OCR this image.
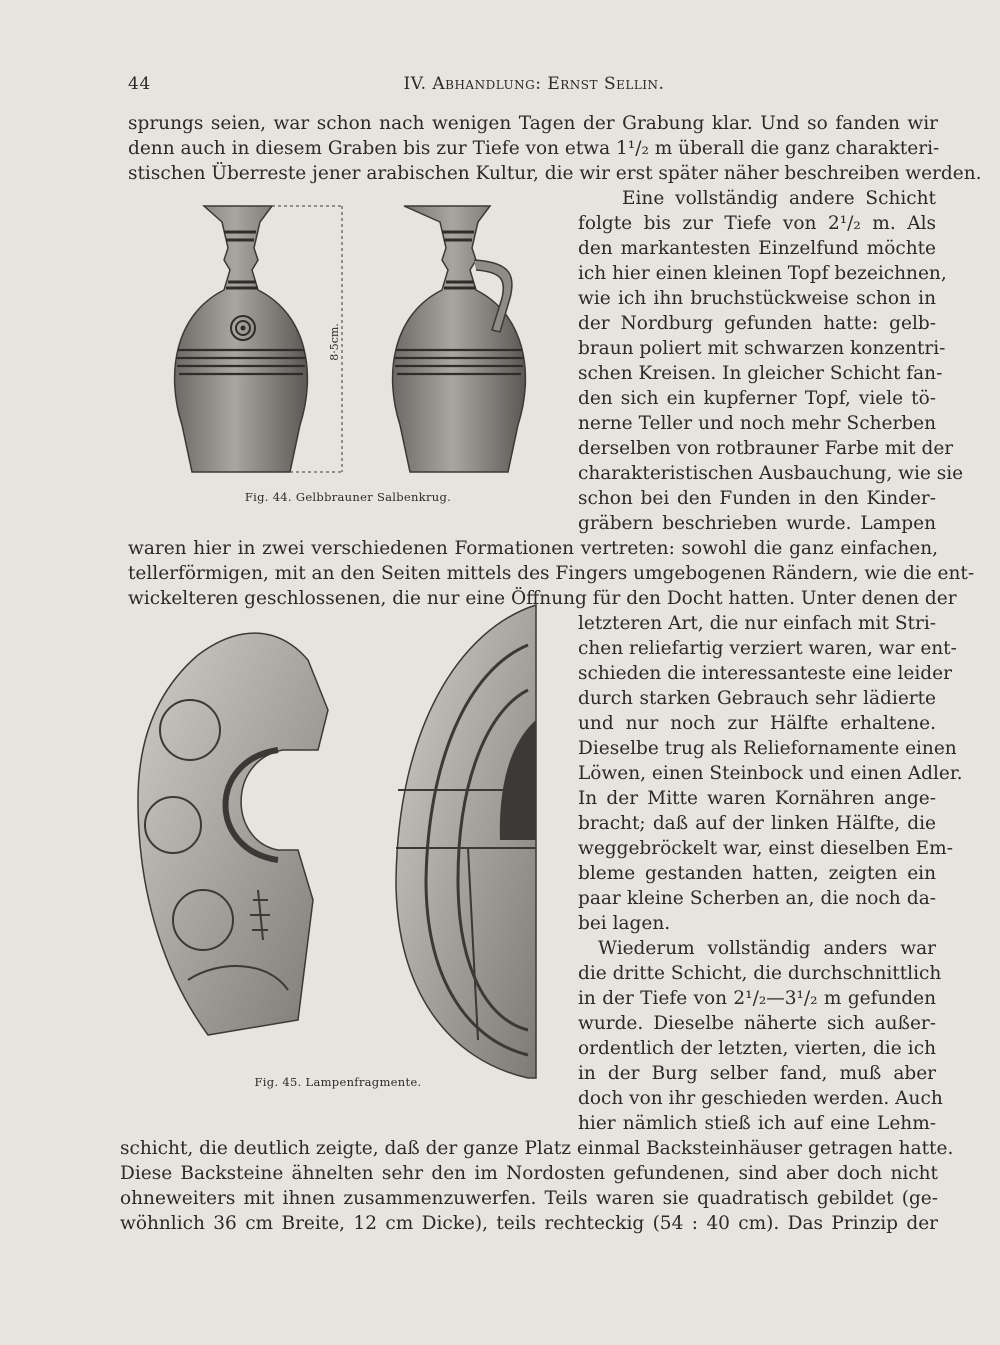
44	IV. Abhandlung: Ernst Sellin.
sprungs seien, war schon nach wenigen Tagen der Grabung klar. Und so fanden wir
denn auch in diesem Graben bis zur Tiefe von etwa 1¹/₂ m überall die ganz charakteri-
stischen Überreste jener arabischen Kultur, die wir erst später näher beschreiben werden.
Eine vollständig andere Schicht
folgte bis zur Tiefe von 2¹/₂ m. Als
den markantesten Einzelfund möchte
ich hier einen kleinen Topf bezeichnen,
wie ich ihn bruchstückweise schon in
der Nordburg gefunden hatte: gelb-
braun poliert mit schwarzen konzentri-
schen Kreisen. In gleicher Schicht fan-
den sich ein kupferner Topf, viele tö-
nerne Teller und noch mehr Scherben
derselben von rotbrauner Farbe mit der
charakteristischen Ausbauchung, wie sie
schon bei den Funden in den Kinder-
gräbern beschrieben wurde. Lampen
waren hier in zwei verschiedenen Formationen vertreten: sowohl die ganz einfachen,
tellerförmigen, mit an den Seiten mittels des Fingers umgebogenen Rändern, wie die ent-
wickelteren geschlossenen, die nur eine Öffnung für den Docht hatten. Unter denen der
letzteren Art, die nur einfach mit Stri-
chen reliefartig verziert waren, war ent-
schieden die interessanteste eine leider
durch starken Gebrauch sehr lädierte
und nur noch zur Hälfte erhaltene.
Dieselbe trug als Reliefornamente einen
Löwen, einen Steinbock und einen Adler.
In der Mitte waren Kornähren ange-
bracht; daß auf der linken Hälfte, die
weggebröckelt war, einst dieselben Em-
bleme gestanden hatten, zeigten ein
paar kleine Scherben an, die noch da-
bei lagen.
Wiederum vollständig anders war
die dritte Schicht, die durchschnittlich
in der Tiefe von 2¹/₂—3¹/₂ m gefunden
wurde. Dieselbe näherte sich außer-
ordentlich der letzten, vierten, die ich
in der Burg selber fand, muß aber
doch von ihr geschieden werden. Auch
hier nämlich stieß ich auf eine Lehm-
schicht, die deutlich zeigte, daß der ganze Platz einmal Backsteinhäuser getragen hatte.
Diese Backsteine ähnelten sehr den im Nordosten gefundenen, sind aber doch nicht
ohneweiters mit ihnen zusammenzuwerfen. Teils waren sie quadratisch gebildet (ge-
wöhnlich 36 cm Breite, 12 cm Dicke), teils rechteckig (54 : 40 cm). Das Prinzip der
8·5cm.
Fig. 44. Gelbbrauner Salbenkrug.
Fig. 45. Lampenfragmente.
